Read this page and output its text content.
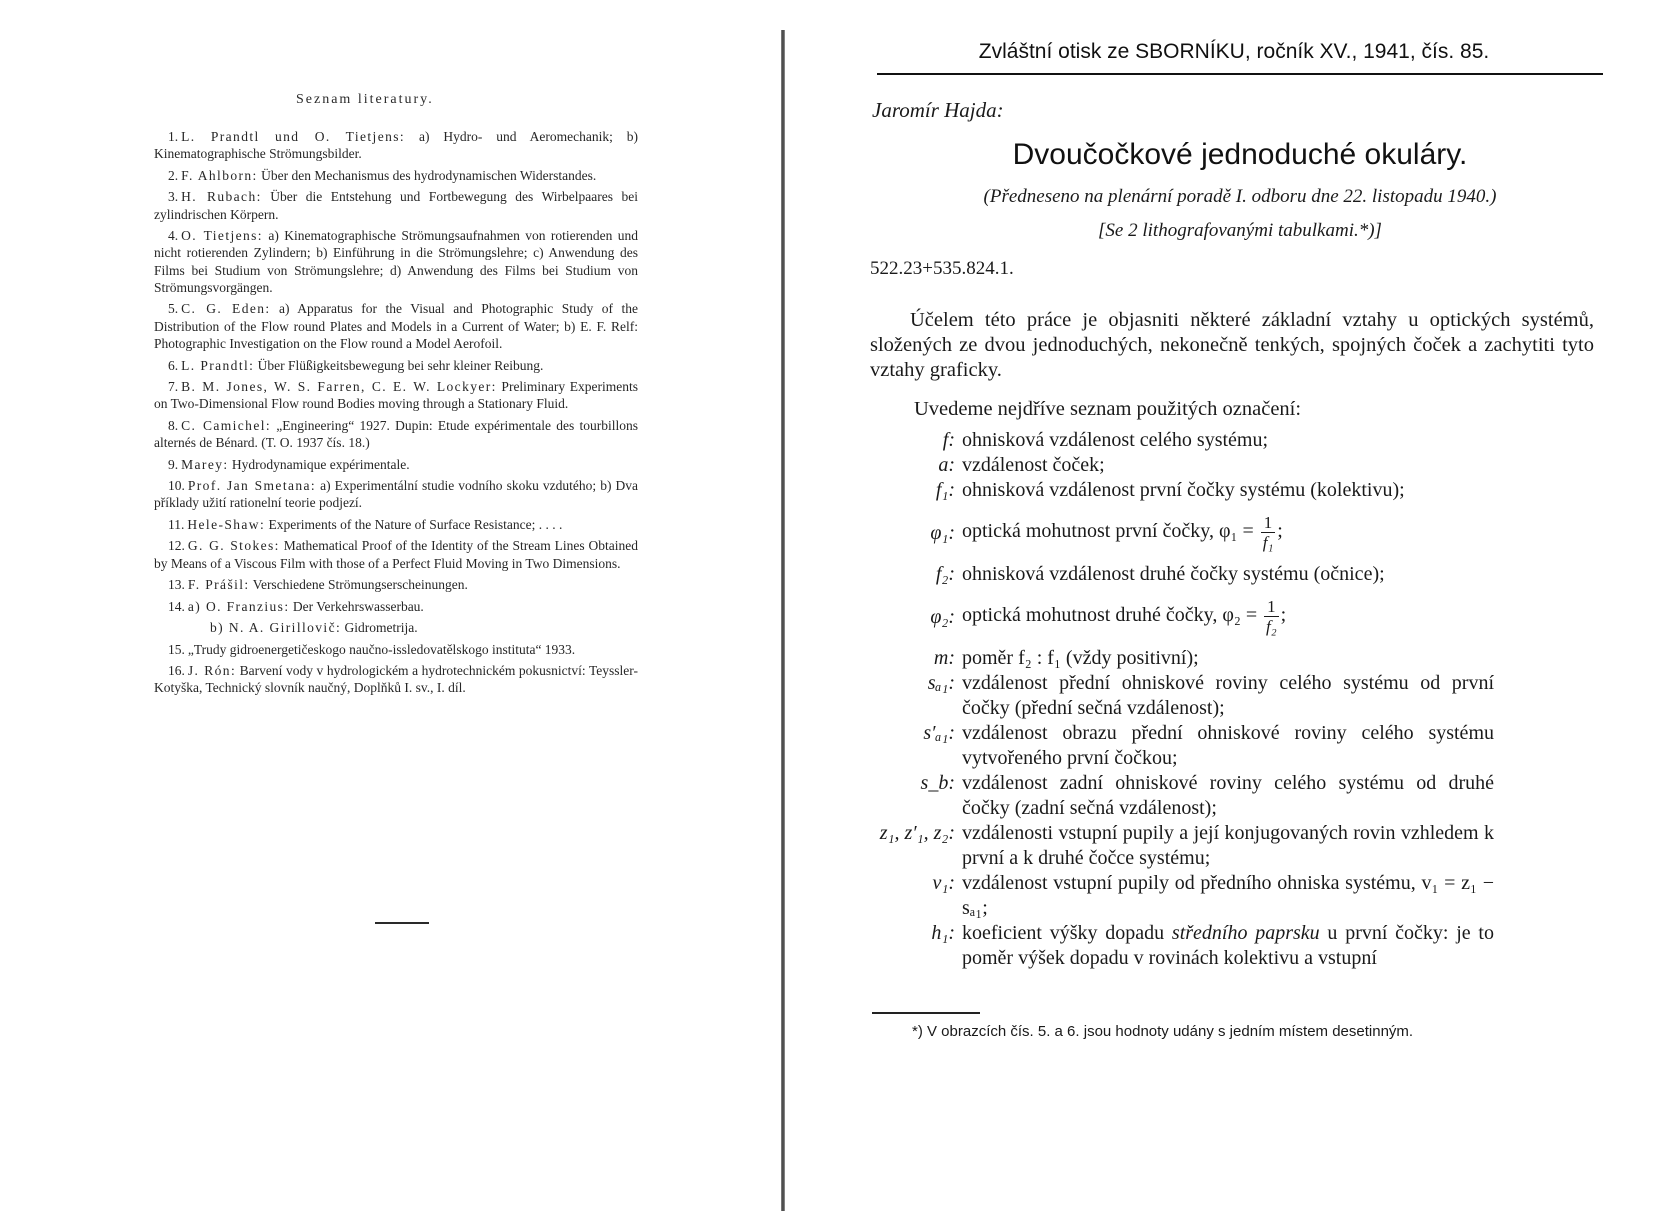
Seznam literatury.

1. L. Prandtl und O. Tietjens: a) Hydro- und Aeromechanik; b) Kinematographische Strömungsbilder.

2. F. Ahlborn: Über den Mechanismus des hydrodynamischen Widerstandes.

3. H. Rubach: Über die Entstehung und Fortbewegung des Wirbelpaares bei zylindrischen Körpern.

4. O. Tietjens: a) Kinematographische Strömungsaufnahmen von rotierenden und nicht rotierenden Zylindern; b) Einführung in die Strömungslehre; c) Anwendung des Films bei Studium von Strömungslehre; d) Anwendung des Films bei Studium von Strömungsvorgängen.

5. C. G. Eden: a) Apparatus for the Visual and Photographic Study of the Distribution of the Flow round Plates and Models in a Current of Water; b) E. F. Relf: Photographic Investigation on the Flow round a Model Aerofoil.

6. L. Prandtl: Über Flüßigkeitsbewegung bei sehr kleiner Reibung.

7. B. M. Jones, W. S. Farren, C. E. W. Lockyer: Preliminary Experiments on Two-Dimensional Flow round Bodies moving through a Stationary Fluid.

8. C. Camichel: „Engineering“ 1927. Dupin: Etude expérimentale des tourbillons alternés de Bénard. (T. O. 1937 čís. 18.)

9. Marey: Hydrodynamique expérimentale.

10. Prof. Jan Smetana: a) Experimentální studie vodního skoku vzdutého; b) Dva příklady užití rationelní teorie podjezí.

11. Hele-Shaw: Experiments of the Nature of Surface Resistance; . . . .

12. G. G. Stokes: Mathematical Proof of the Identity of the Stream Lines Obtained by Means of a Viscous Film with those of a Perfect Fluid Moving in Two Dimensions.

13. F. Prášil: Verschiedene Strömungserscheinungen.

14. a) O. Franzius: Der Verkehrswasserbau.

b) N. A. Girillovič: Gidrometrija.

15. „Trudy gidroenergetičeskogo naučno-issledovatělskogo instituta“ 1933.

16. J. Rón: Barvení vody v hydrologickém a hydrotechnickém pokusnictví: Teyssler-Kotyška, Technický slovník naučný, Doplňků I. sv., I. díl.

Zvláštní otisk ze SBORNÍKU, ročník XV., 1941, čís. 85.
Jaromír Hajda:
Dvoučočkové jednoduché okuláry.
(Předneseno na plenární poradě I. odboru dne 22. listopadu 1940.)
[Se 2 lithografovanými tabulkami.*)]
522.23+535.824.1.
Účelem této práce je objasniti některé základní vztahy u optických systémů, složených ze dvou jednoduchých, nekonečně tenkých, spojných čoček a zachytiti tyto vztahy graficky.
Uvedeme nejdříve seznam použitých označení:

f: ohnisková vzdálenost celého systému;

a: vzdálenost čoček;

f₁: ohnisková vzdálenost první čočky systému (kolektivu);

φ₁: optická mohutnost první čočky, $\varphi_1 = \frac{1}{\text{f₁}}$ ;

f₂: ohnisková vzdálenost druhé čočky systému (očnice);

φ₂: optická mohutnost druhé čočky, $\varphi_2 = \frac{1}{\text{f₂}}$ ;

m: poměr f₂ : f₁ (vždy positivní);

sₐ₁: vzdálenost přední ohniskové roviny celého systému od první čočky (přední sečná vzdálenost);

s′ₐ₁: vzdálenost obrazu přední ohniskové roviny celého systému vytvořeného první čočkou;

s_b: vzdálenost zadní ohniskové roviny celého systému od druhé čočky (zadní sečná vzdálenost);

z₁, z′₁, z₂: vzdálenosti vstupní pupily a její konjugovaných rovin vzhledem k první a k druhé čočce systému;

v₁: vzdálenost vstupní pupily od předního ohniska systému, v₁ = z₁ − sₐ₁;

h₁: koeficient výšky dopadu středního paprsku u první čočky: je to poměr výšek dopadu v rovinách kolektivu a vstupní

*) V obrazcích čís. 5. a 6. jsou hodnoty udány s jedním místem desetinným.
